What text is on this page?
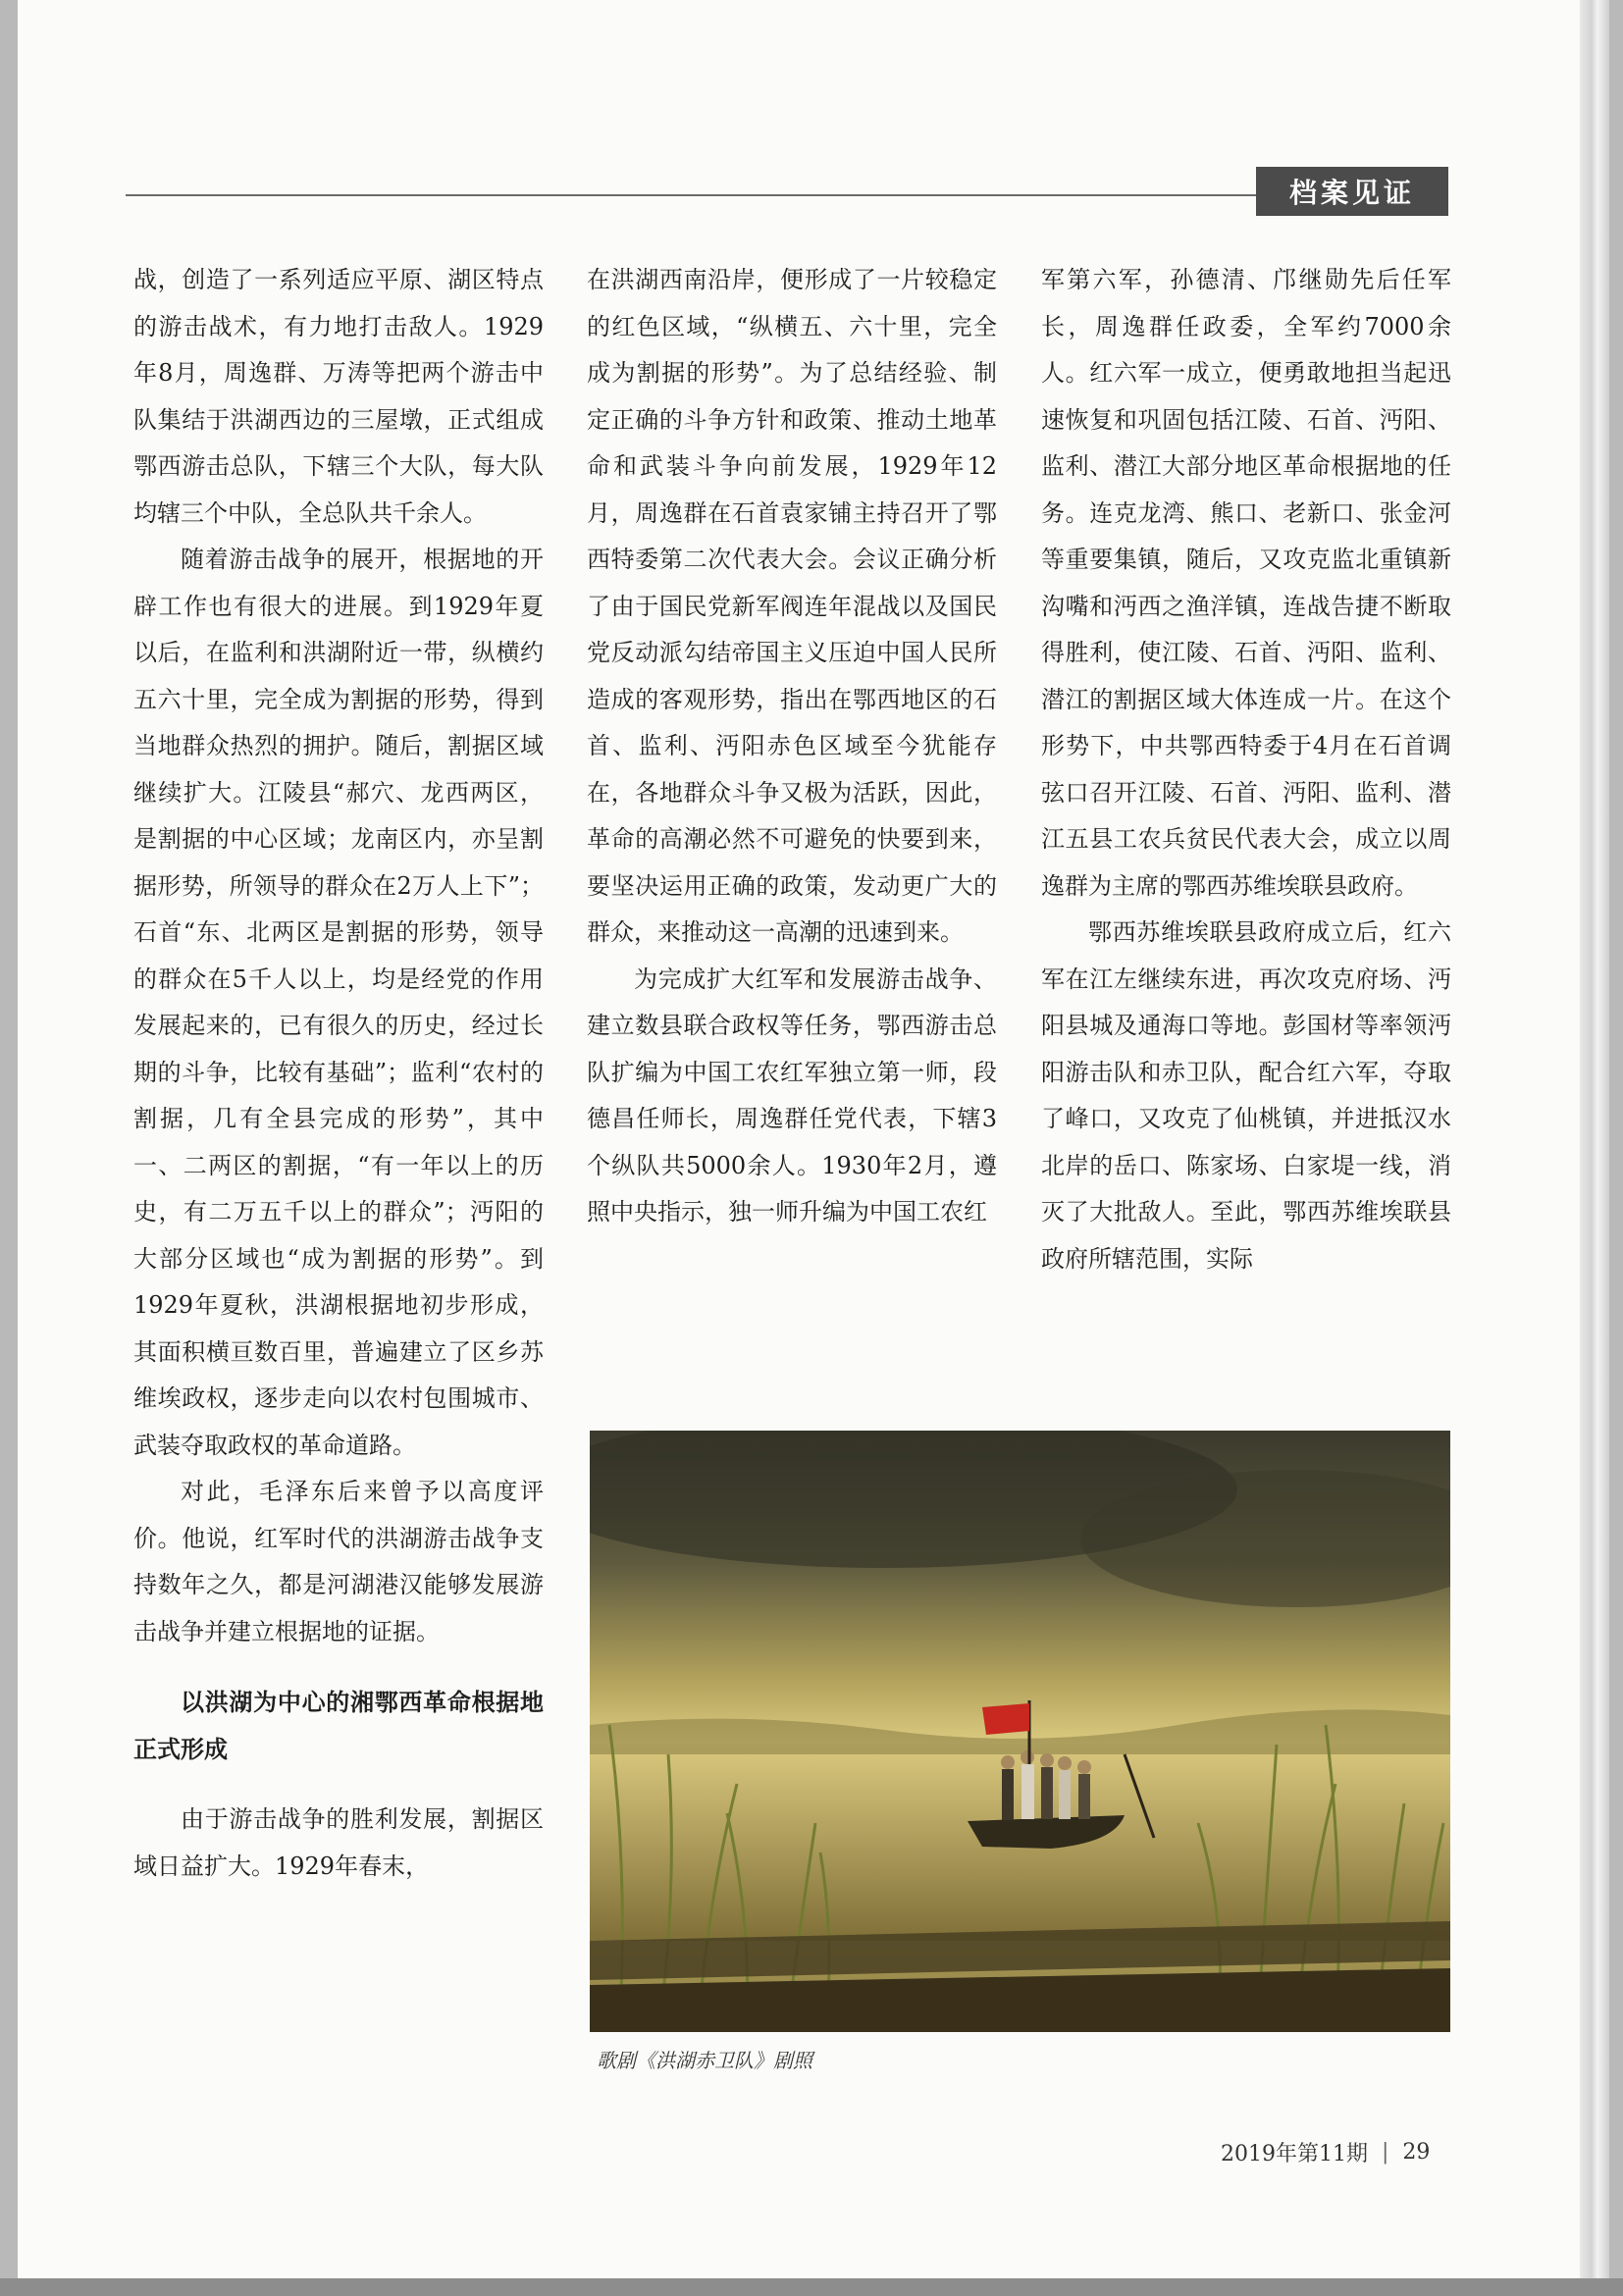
档案见证

战，创造了一系列适应平原、湖区特点的游击战术，有力地打击敌人。1929年8月，周逸群、万涛等把两个游击中队集结于洪湖西边的三屋墩，正式组成鄂西游击总队，下辖三个大队，每大队均辖三个中队，全总队共千余人。

随着游击战争的展开，根据地的开辟工作也有很大的进展。到1929年夏以后，在监利和洪湖附近一带，纵横约五六十里，完全成为割据的形势，得到当地群众热烈的拥护。随后，割据区域继续扩大。江陵县“郝穴、龙西两区，是割据的中心区域；龙南区内，亦呈割据形势，所领导的群众在2万人上下”；石首“东、北两区是割据的形势，领导的群众在5千人以上，均是经党的作用发展起来的，已有很久的历史，经过长期的斗争，比较有基础”；监利“农村的割据，几有全县完成的形势”，其中一、二两区的割据，“有一年以上的历史，有二万五千以上的群众”；沔阳的大部分区域也“成为割据的形势”。到1929年夏秋，洪湖根据地初步形成，其面积横亘数百里，普遍建立了区乡苏维埃政权，逐步走向以农村包围城市、武装夺取政权的革命道路。

对此，毛泽东后来曾予以高度评价。他说，红军时代的洪湖游击战争支持数年之久，都是河湖港汉能够发展游击战争并建立根据地的证据。

以洪湖为中心的湘鄂西革命根据地正式形成

由于游击战争的胜利发展，割据区域日益扩大。1929年春末，

在洪湖西南沿岸，便形成了一片较稳定的红色区域，“纵横五、六十里，完全成为割据的形势”。为了总结经验、制定正确的斗争方针和政策、推动土地革命和武装斗争向前发展，1929年12月，周逸群在石首袁家铺主持召开了鄂西特委第二次代表大会。会议正确分析了由于国民党新军阀连年混战以及国民党反动派勾结帝国主义压迫中国人民所造成的客观形势，指出在鄂西地区的石首、监利、沔阳赤色区域至今犹能存在，各地群众斗争又极为活跃，因此，革命的高潮必然不可避免的快要到来，要坚决运用正确的政策，发动更广大的群众，来推动这一高潮的迅速到来。

为完成扩大红军和发展游击战争、建立数县联合政权等任务，鄂西游击总队扩编为中国工农红军独立第一师，段德昌任师长，周逸群任党代表，下辖3个纵队共5000余人。1930年2月，遵照中央指示，独一师升编为中国工农红

军第六军，孙德清、邝继勋先后任军长，周逸群任政委，全军约7000余人。红六军一成立，便勇敢地担当起迅速恢复和巩固包括江陵、石首、沔阳、监利、潜江大部分地区革命根据地的任务。连克龙湾、熊口、老新口、张金河等重要集镇，随后，又攻克监北重镇新沟嘴和沔西之渔洋镇，连战告捷不断取得胜利，使江陵、石首、沔阳、监利、潜江的割据区域大体连成一片。在这个形势下，中共鄂西特委于4月在石首调弦口召开江陵、石首、沔阳、监利、潜江五县工农兵贫民代表大会，成立以周逸群为主席的鄂西苏维埃联县政府。

鄂西苏维埃联县政府成立后，红六军在江左继续东进，再次攻克府场、沔阳县城及通海口等地。彭国材等率领沔阳游击队和赤卫队，配合红六军，夺取了峰口，又攻克了仙桃镇，并进抵汉水北岸的岳口、陈家场、白家堤一线，消灭了大批敌人。至此，鄂西苏维埃联县政府所辖范围，实际

歌剧《洪湖赤卫队》剧照
2019年第11期 | 29
